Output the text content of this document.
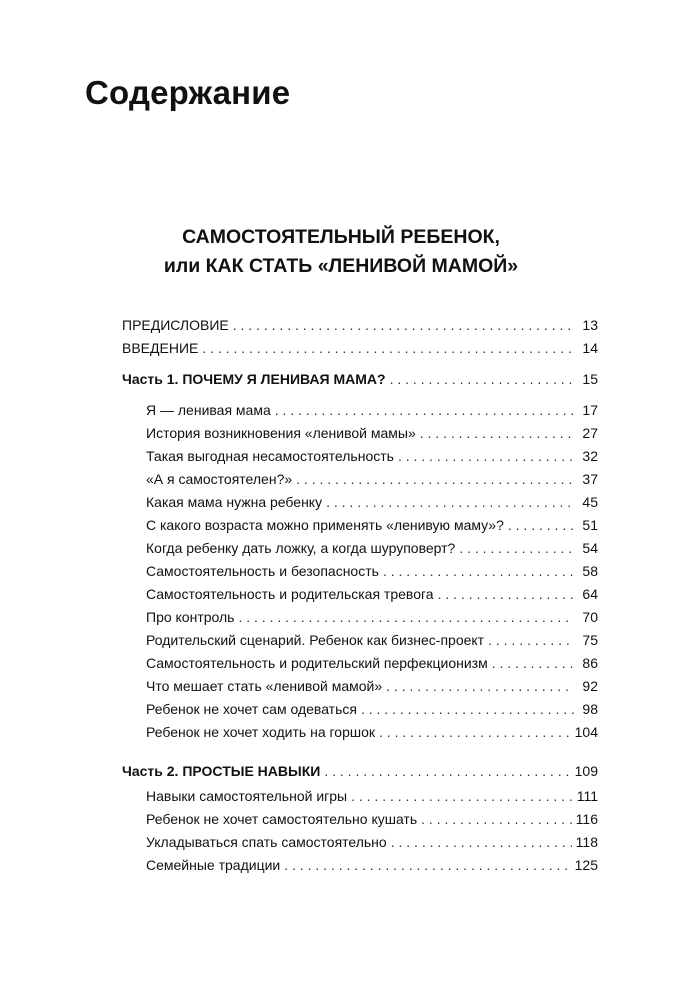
Содержание
САМОСТОЯТЕЛЬНЫЙ РЕБЕНОК,
или КАК СТАТЬ «ЛЕНИВОЙ МАМОЙ»
ПРЕДИСЛОВИЕ . . .	13
ВВЕДЕНИЕ . . .	14
Часть 1. ПОЧЕМУ Я ЛЕНИВАЯ МАМА? . . .	15
Я — ленивая мама . . .	17
История возникновения «ленивой мамы» . . .	27
Такая выгодная несамостоятельность . . .	32
«А я самостоятелен?» . . .	37
Какая мама нужна ребенку . . .	45
С какого возраста можно применять «ленивую маму»? . . .	51
Когда ребенку дать ложку, а когда шуруповерт? . . .	54
Самостоятельность и безопасность . . .	58
Самостоятельность и родительская тревога . . .	64
Про контроль . . .	70
Родительский сценарий. Ребенок как бизнес-проект . . .	75
Самостоятельность и родительский перфекционизм . . .	86
Что мешает стать «ленивой мамой» . . .	92
Ребенок не хочет сам одеваться . . .	98
Ребенок не хочет ходить на горшок . . .	104
Часть 2. ПРОСТЫЕ НАВЫКИ . . .	109
Навыки самостоятельной игры . . .	111
Ребенок не хочет самостоятельно кушать . . .	116
Укладываться спать самостоятельно . . .	118
Семейные традиции . . .	125
